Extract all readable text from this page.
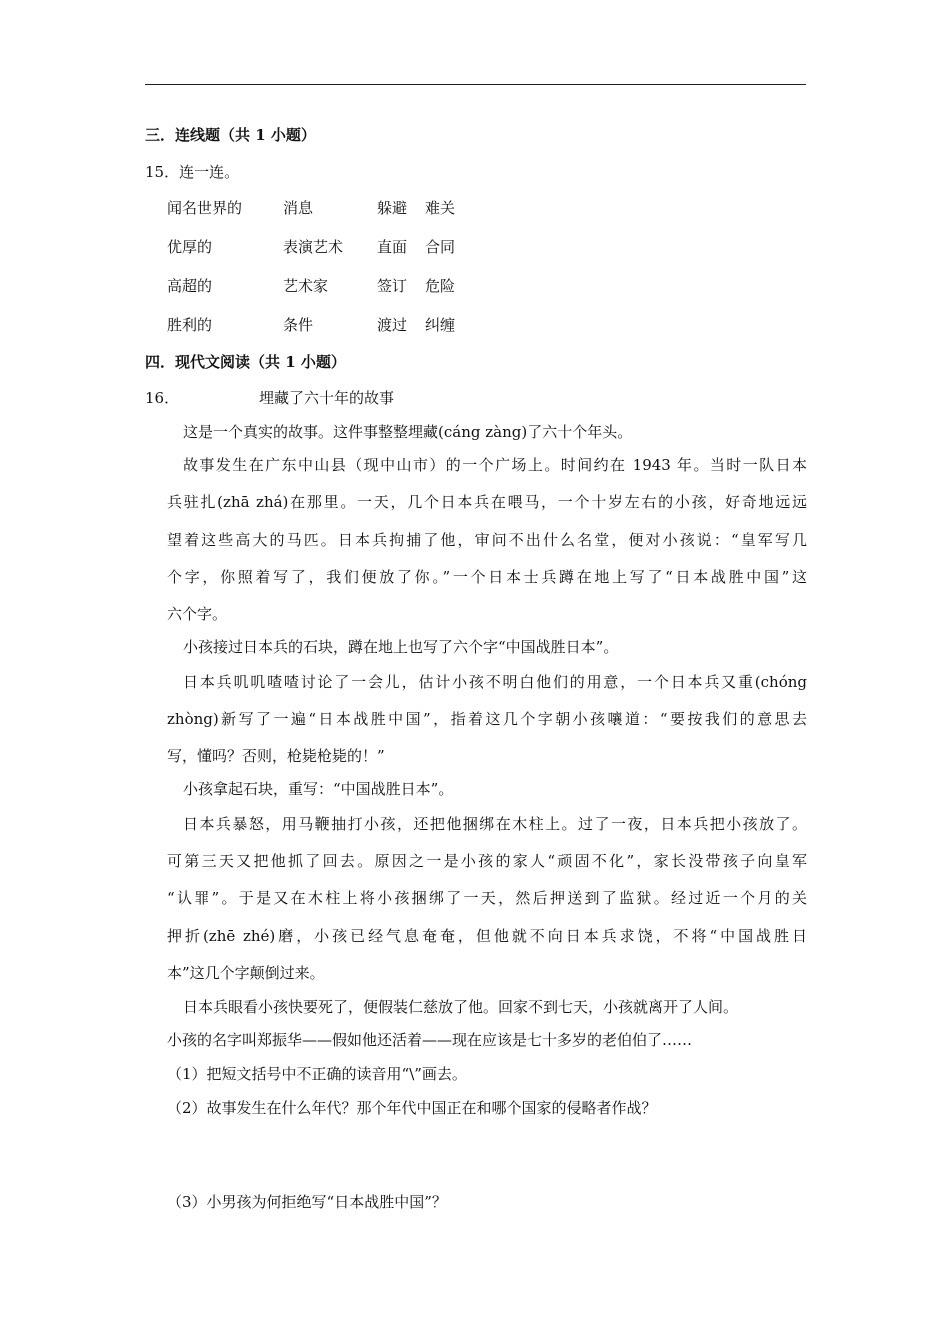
三．连线题（共 1 小题）
15．连一连。
闻名世界的	消息	躲避 难关
优厚的	表演艺术 直面 合同
高超的	艺术家	签订 危险
胜利的	条件	渡过 纠缠
四．现代文阅读（共 1 小题）
16．	埋藏了六十年的故事
这是一个真实的故事。这件事整整埋藏(cáng zàng)了六十个年头。
故事发生在广东中山县（现中山市）的一个广场上。时间约在 1943 年。当时一队日本
兵驻扎(zhā zhá)在那里。一天，几个日本兵在喂马，一个十岁左右的小孩，好奇地远远
望着这些高大的马匹。日本兵拘捕了他，审问不出什么名堂，便对小孩说：“皇军写几
个字，你照着写了，我们便放了你。”一个日本士兵蹲在地上写了“日本战胜中国”这
六个字。
小孩接过日本兵的石块，蹲在地上也写了六个字“中国战胜日本”。
日本兵叽叽喳喳讨论了一会儿，估计小孩不明白他们的用意，一个日本兵又重(chóng
zhòng)新写了一遍“日本战胜中国”，指着这几个字朝小孩嚷道：“要按我们的意思去
写，懂吗？否则，枪毙枪毙的！”
小孩拿起石块，重写：“中国战胜日本”。
日本兵暴怒，用马鞭抽打小孩，还把他捆绑在木柱上。过了一夜，日本兵把小孩放了。
可第三天又把他抓了回去。原因之一是小孩的家人“顽固不化”，家长没带孩子向皇军
“认罪”。于是又在木柱上将小孩捆绑了一天，然后押送到了监狱。经过近一个月的关
押折(zhē zhé)磨，小孩已经气息奄奄，但他就不向日本兵求饶，不将“中国战胜日
本”这几个字颠倒过来。
日本兵眼看小孩快要死了，便假装仁慈放了他。回家不到七天，小孩就离开了人间。
小孩的名字叫郑振华——假如他还活着——现在应该是七十多岁的老伯伯了……
（1）把短文括号中不正确的读音用“\”画去。
（2）故事发生在什么年代？那个年代中国正在和哪个国家的侵略者作战？
（3）小男孩为何拒绝写“日本战胜中国”？
